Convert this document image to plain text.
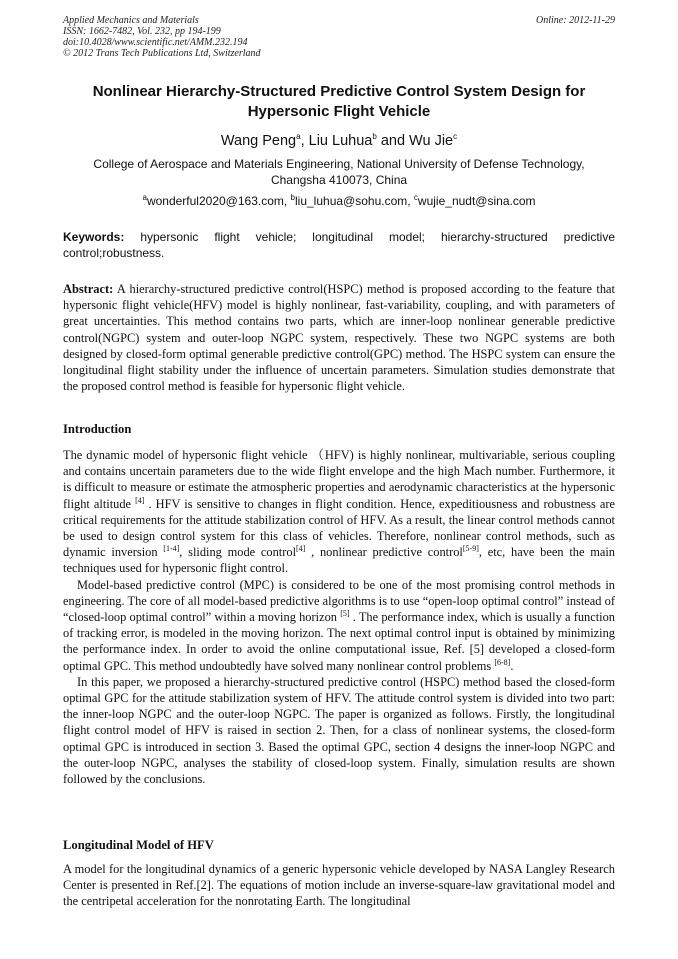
Applied Mechanics and Materials
ISSN: 1662-7482, Vol. 232, pp 194-199
doi:10.4028/www.scientific.net/AMM.232.194
© 2012 Trans Tech Publications Ltd, Switzerland
Online: 2012-11-29
Nonlinear Hierarchy-Structured Predictive Control System Design for
Hypersonic Flight Vehicle
Wang Peng$^a$, Liu Luhua$^b$ and Wu Jie$^c$
College of Aerospace and Materials Engineering, National University of Defense Technology,
Changsha 410073, China
$^a$wonderful2020@163.com, $^b$liu_luhua@sohu.com, $^c$wujie_nudt@sina.com
Keywords: hypersonic flight vehicle; longitudinal model; hierarchy-structured predictive control;robustness.
Abstract: A hierarchy-structured predictive control(HSPC) method is proposed according to the feature that hypersonic flight vehicle(HFV) model is highly nonlinear, fast-variability, coupling, and with parameters of great uncertainties. This method contains two parts, which are inner-loop nonlinear generable predictive control(NGPC) system and outer-loop NGPC system, respectively. These two NGPC systems are both designed by closed-form optimal generable predictive control(GPC) method. The HSPC system can ensure the longitudinal flight stability under the influence of uncertain parameters. Simulation studies demonstrate that the proposed control method is feasible for hypersonic flight vehicle.
Introduction

The dynamic model of hypersonic flight vehicle （HFV) is highly nonlinear, multivariable, serious coupling and contains uncertain parameters due to the wide flight envelope and the high Mach number. Furthermore, it is difficult to measure or estimate the atmospheric properties and aerodynamic characteristics at the hypersonic flight altitude [4] . HFV is sensitive to changes in flight condition. Hence, expeditiousness and robustness are critical requirements for the attitude stabilization control of HFV. As a result, the linear control methods cannot be used to design control system for this class of vehicles. Therefore, nonlinear control methods, such as dynamic inversion [1-4], sliding mode control[4] , nonlinear predictive control[5-9], etc, have been the main techniques used for hypersonic flight control.

Model-based predictive control (MPC) is considered to be one of the most promising control methods in engineering. The core of all model-based predictive algorithms is to use “open-loop optimal control” instead of “closed-loop optimal control” within a moving horizon [5] . The performance index, which is usually a function of tracking error, is modeled in the moving horizon. The next optimal control input is obtained by minimizing the performance index. In order to avoid the online computational issue, Ref. [5] developed a closed-form optimal GPC. This method undoubtedly have solved many nonlinear control problems [6-8].

In this paper, we proposed a hierarchy-structured predictive control (HSPC) method based the closed-form optimal GPC for the attitude stabilization system of HFV. The attitude control system is divided into two part: the inner-loop NGPC and the outer-loop NGPC. The paper is organized as follows. Firstly, the longitudinal flight control model of HFV is raised in section 2. Then, for a class of nonlinear systems, the closed-form optimal GPC is introduced in section 3. Based the optimal GPC, section 4 designs the inner-loop NGPC and the outer-loop NGPC, analyses the stability of closed-loop system. Finally, simulation results are shown followed by the conclusions.

Longitudinal Model of HFV

A model for the longitudinal dynamics of a generic hypersonic vehicle developed by NASA Langley Research Center is presented in Ref.[2]. The equations of motion include an inverse-square-law gravitational model and the centripetal acceleration for the nonrotating Earth. The longitudinal
